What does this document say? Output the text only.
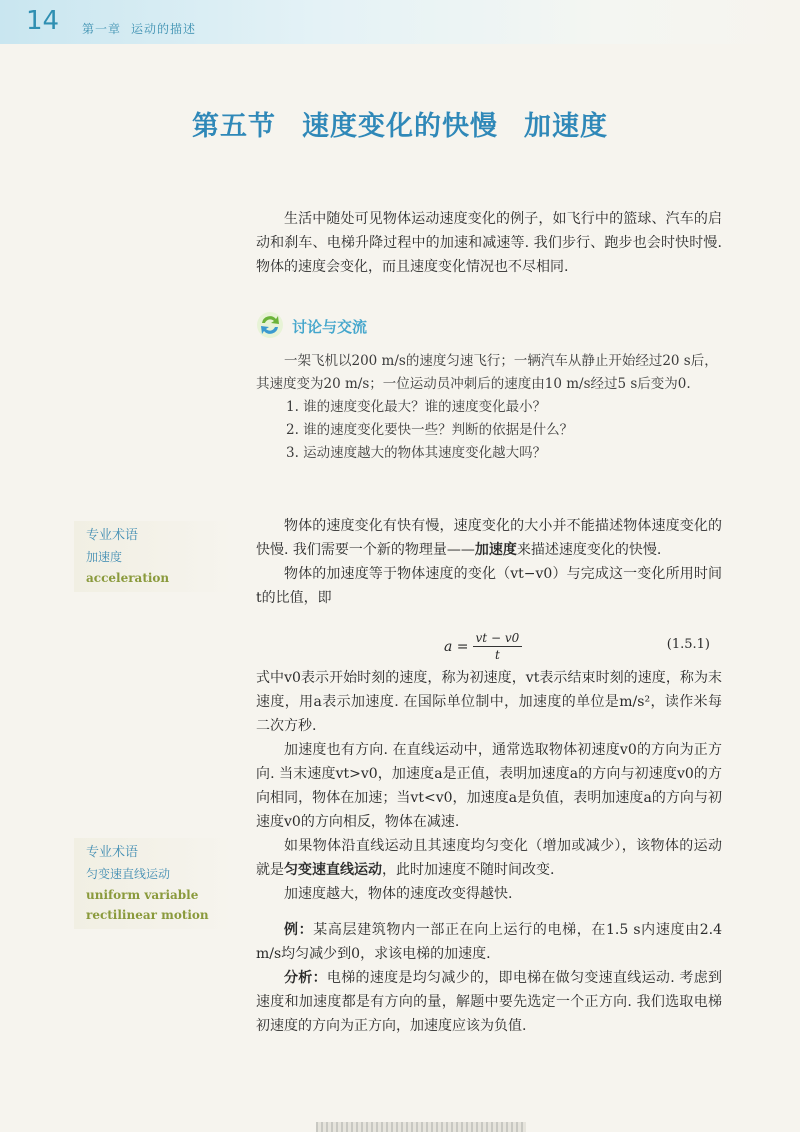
14 第一章 运动的描述
第五节 速度变化的快慢 加速度

生活中随处可见物体运动速度变化的例子，如飞行中的篮球、汽车的启动和刹车、电梯升降过程中的加速和减速等. 我们步行、跑步也会时快时慢. 物体的速度会变化，而且速度变化情况也不尽相同.

讨论与交流

一架飞机以200 m/s的速度匀速飞行；一辆汽车从静止开始经过20 s后，其速度变为20 m/s；一位运动员冲刺后的速度由10 m/s经过5 s后变为0.

1. 谁的速度变化最大？谁的速度变化最小？

2. 谁的速度变化要快一些？判断的依据是什么？

3. 运动速度越大的物体其速度变化越大吗？

专业术语
加速度
acceleration

物体的速度变化有快有慢，速度变化的大小并不能描述物体速度变化的快慢. 我们需要一个新的物理量——加速度来描述速度变化的快慢.

物体的加速度等于物体速度的变化（vt−v0）与完成这一变化所用时间t的比值，即

$a = \frac{vt - v0}{t}$	(1.5.1)

式中v0表示开始时刻的速度，称为初速度，vt表示结束时刻的速度，称为末速度，用a表示加速度. 在国际单位制中，加速度的单位是m/s²，读作米每二次方秒.

加速度也有方向. 在直线运动中，通常选取物体初速度v0的方向为正方向. 当末速度vt>v0，加速度a是正值，表明加速度a的方向与初速度v0的方向相同，物体在加速；当vt<v0，加速度a是负值，表明加速度a的方向与初速度v0的方向相反，物体在减速.

如果物体沿直线运动且其速度均匀变化（增加或减少），该物体的运动就是匀变速直线运动，此时加速度不随时间改变.

加速度越大，物体的速度改变得越快.

专业术语
匀变速直线运动
uniform variable
rectilinear motion

例：某高层建筑物内一部正在向上运行的电梯，在1.5 s内速度由2.4 m/s均匀减少到0，求该电梯的加速度.

分析：电梯的速度是均匀减少的，即电梯在做匀变速直线运动. 考虑到速度和加速度都是有方向的量，解题中要先选定一个正方向. 我们选取电梯初速度的方向为正方向，加速度应该为负值.
